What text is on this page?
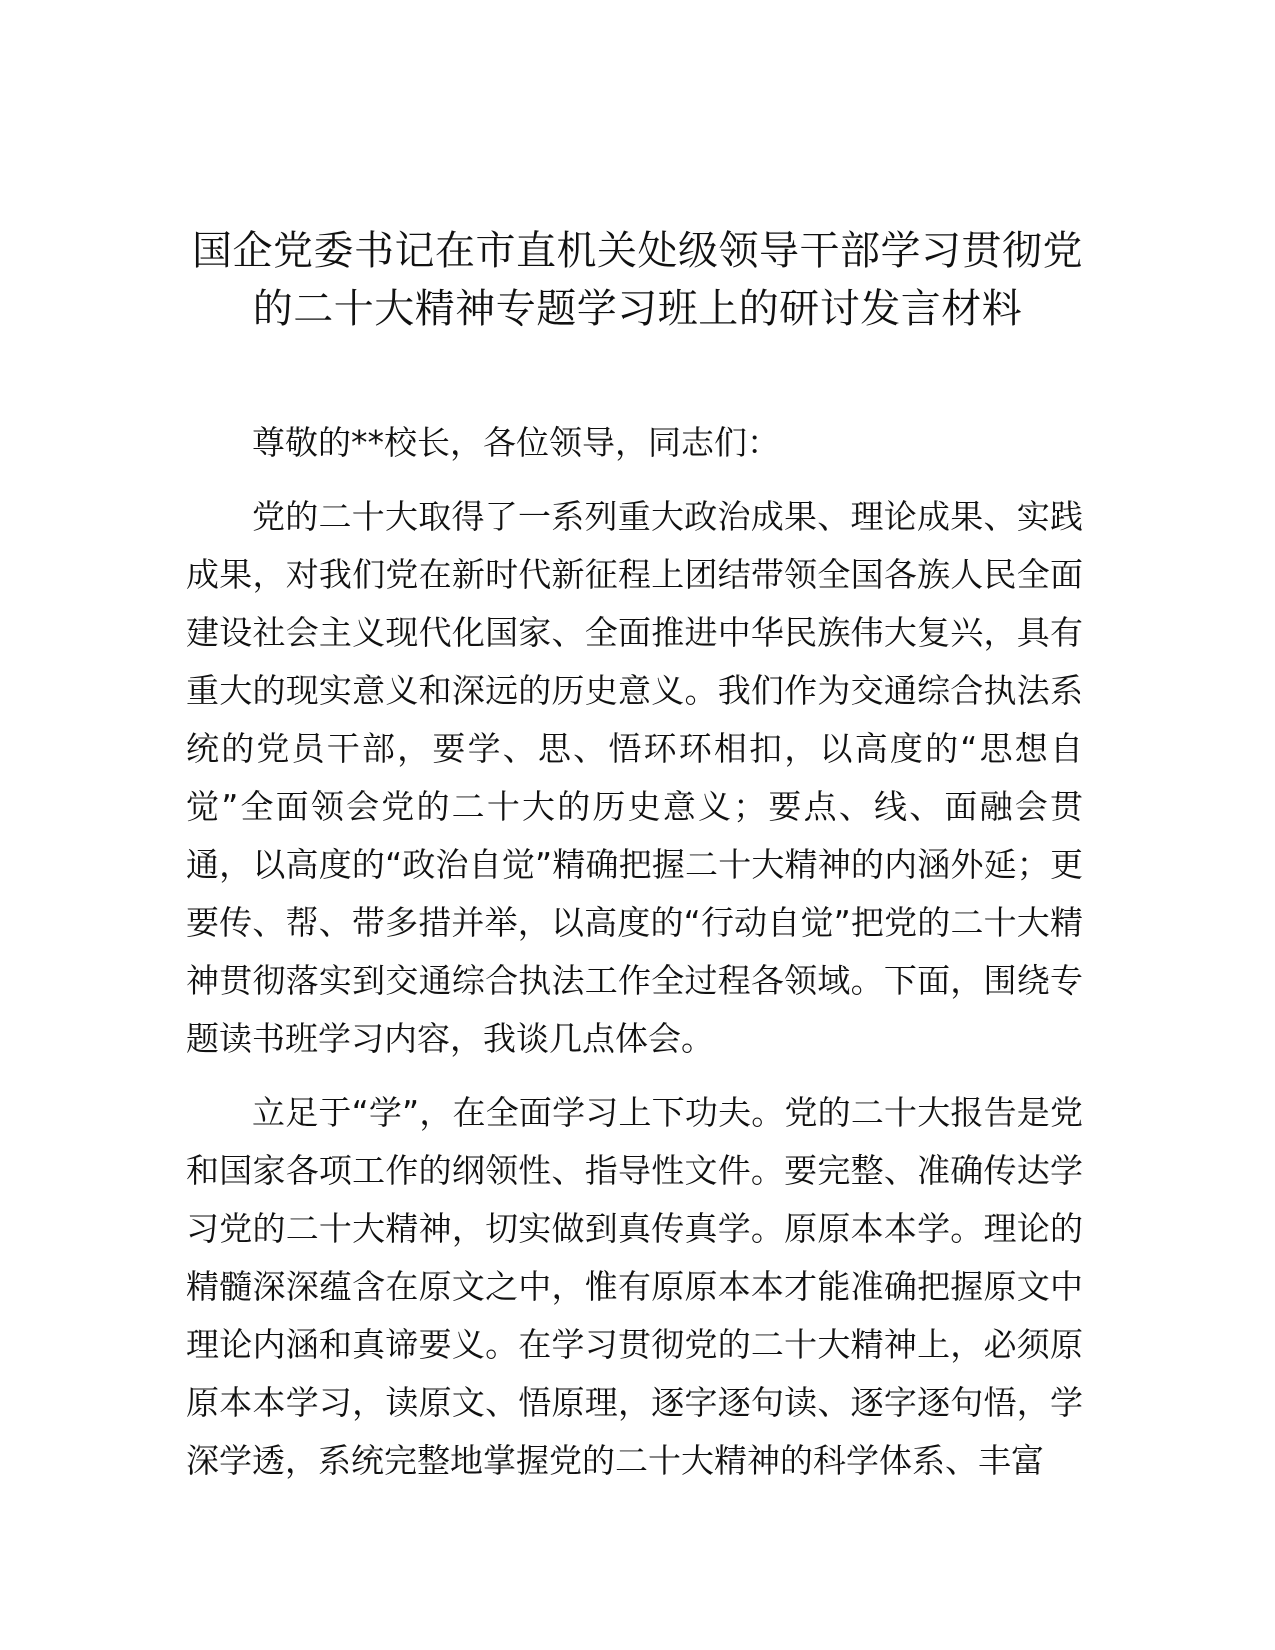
国企党委书记在市直机关处级领导干部学习贯彻党的二十大精神专题学习班上的研讨发言材料

尊敬的**校长，各位领导，同志们：

党的二十大取得了一系列重大政治成果、理论成果、实践成果，对我们党在新时代新征程上团结带领全国各族人民全面建设社会主义现代化国家、全面推进中华民族伟大复兴，具有重大的现实意义和深远的历史意义。我们作为交通综合执法系统的党员干部，要学、思、悟环环相扣，以高度的“思想自觉”全面领会党的二十大的历史意义；要点、线、面融会贯通，以高度的“政治自觉”精确把握二十大精神的内涵外延；更要传、帮、带多措并举，以高度的“行动自觉”把党的二十大精神贯彻落实到交通综合执法工作全过程各领域。下面，围绕专题读书班学习内容，我谈几点体会。

立足于“学”，在全面学习上下功夫。党的二十大报告是党和国家各项工作的纲领性、指导性文件。要完整、准确传达学习党的二十大精神，切实做到真传真学。原原本本学。理论的精髓深深蕴含在原文之中，惟有原原本本才能准确把握原文中理论内涵和真谛要义。在学习贯彻党的二十大精神上，必须原原本本学习，读原文、悟原理，逐字逐句读、逐字逐句悟，学深学透，系统完整地掌握党的二十大精神的科学体系、丰富
